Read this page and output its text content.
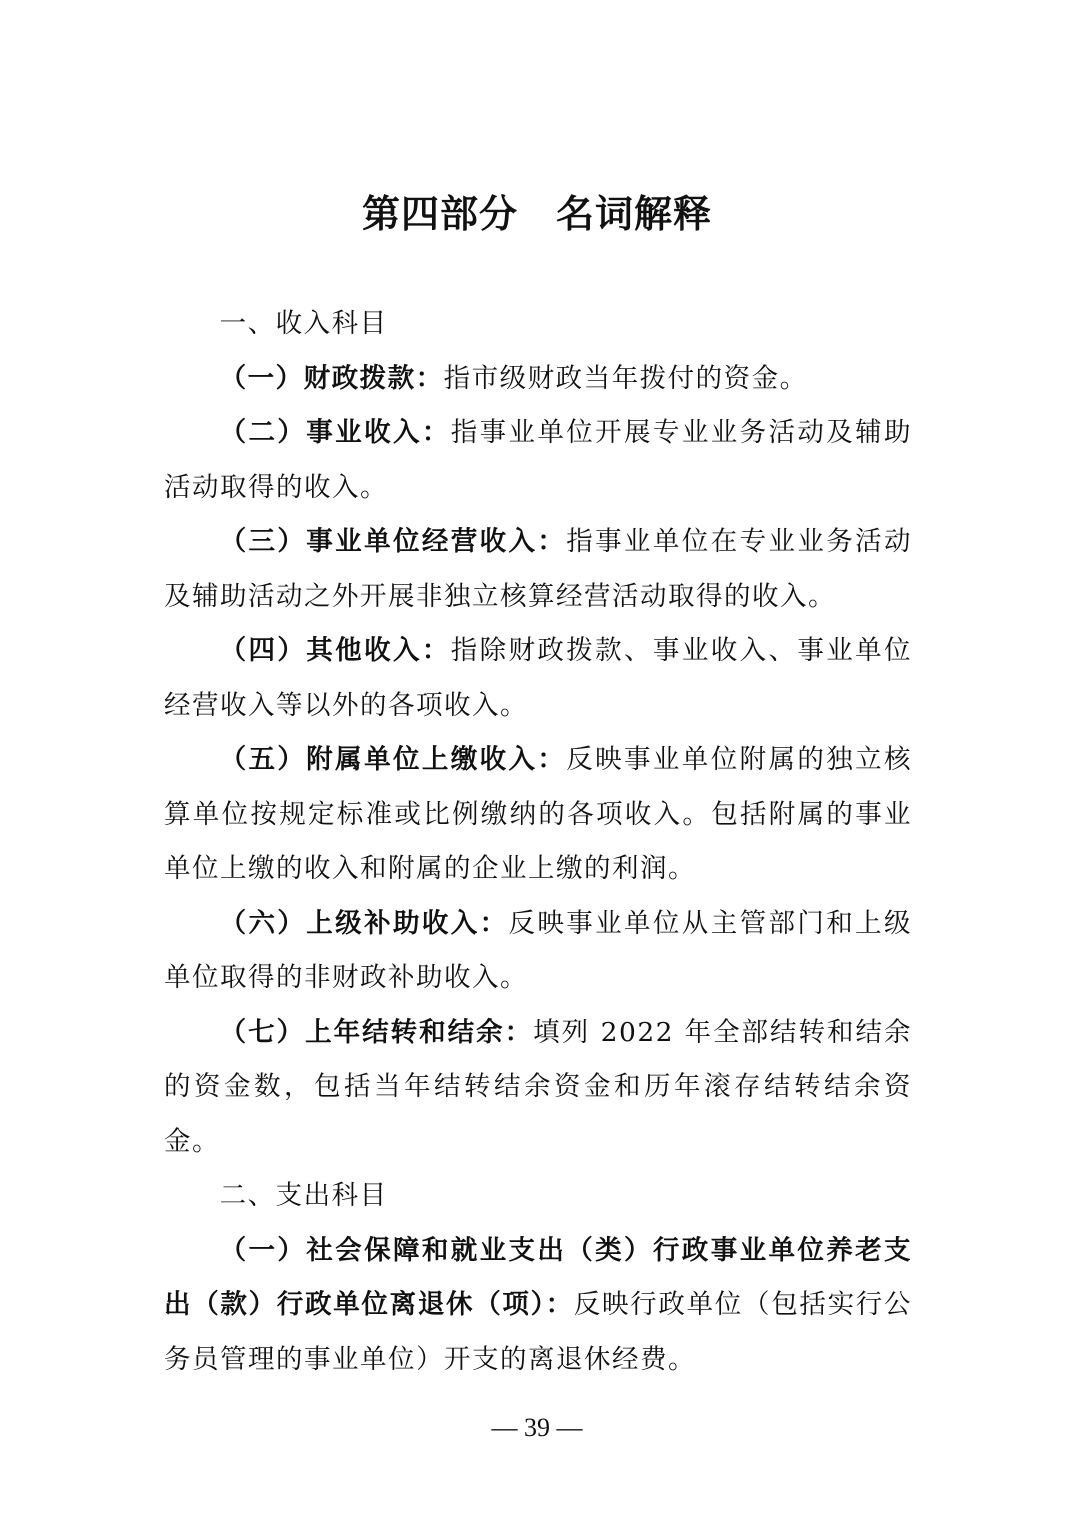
第四部分 名词解释

一、收入科目

（一）财政拨款：指市级财政当年拨付的资金。

（二）事业收入：指事业单位开展专业业务活动及辅助活动取得的收入。

（三）事业单位经营收入：指事业单位在专业业务活动及辅助活动之外开展非独立核算经营活动取得的收入。

（四）其他收入：指除财政拨款、事业收入、事业单位经营收入等以外的各项收入。

（五）附属单位上缴收入：反映事业单位附属的独立核算单位按规定标准或比例缴纳的各项收入。包括附属的事业单位上缴的收入和附属的企业上缴的利润。

（六）上级补助收入：反映事业单位从主管部门和上级单位取得的非财政补助收入。

（七）上年结转和结余：填列 2022 年全部结转和结余的资金数，包括当年结转结余资金和历年滚存结转结余资金。

二、支出科目

（一）社会保障和就业支出（类）行政事业单位养老支出（款）行政单位离退休（项）：反映行政单位（包括实行公务员管理的事业单位）开支的离退休经费。

— 39 —
